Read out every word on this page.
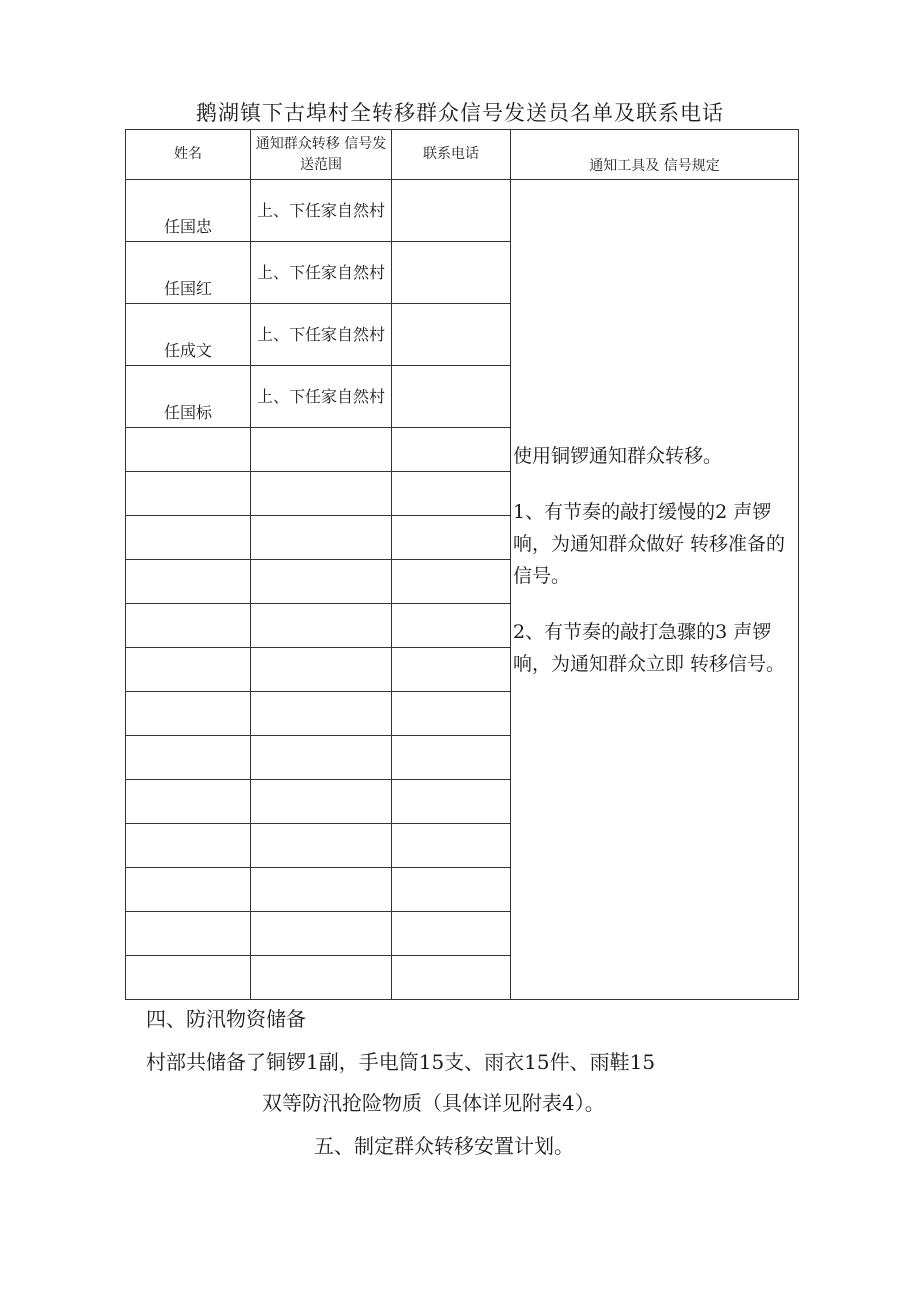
鹅湖镇下古埠村全转移群众信号发送员名单及联系电话
姓名	通知群众转移 信号发送范围	联系电话	通知工具及 信号规定
任国忠	上、下任家自然村		使用铜锣通知群众转移。

1、有节奏的敲打缓慢的2 声锣响，为通知群众做好 转移准备的信号。

2、有节奏的敲打急骤的3 声锣响，为通知群众立即 转移信号。

任国红	上、下任家自然村		
任成文	上、下任家自然村		
任国标	上、下任家自然村		

四、防汛物资储备
村部共储备了铜锣1副，手电筒15支、雨衣15件、雨鞋15
双等防汛抢险物质（具体详见附表4）。
五、制定群众转移安置计划。
